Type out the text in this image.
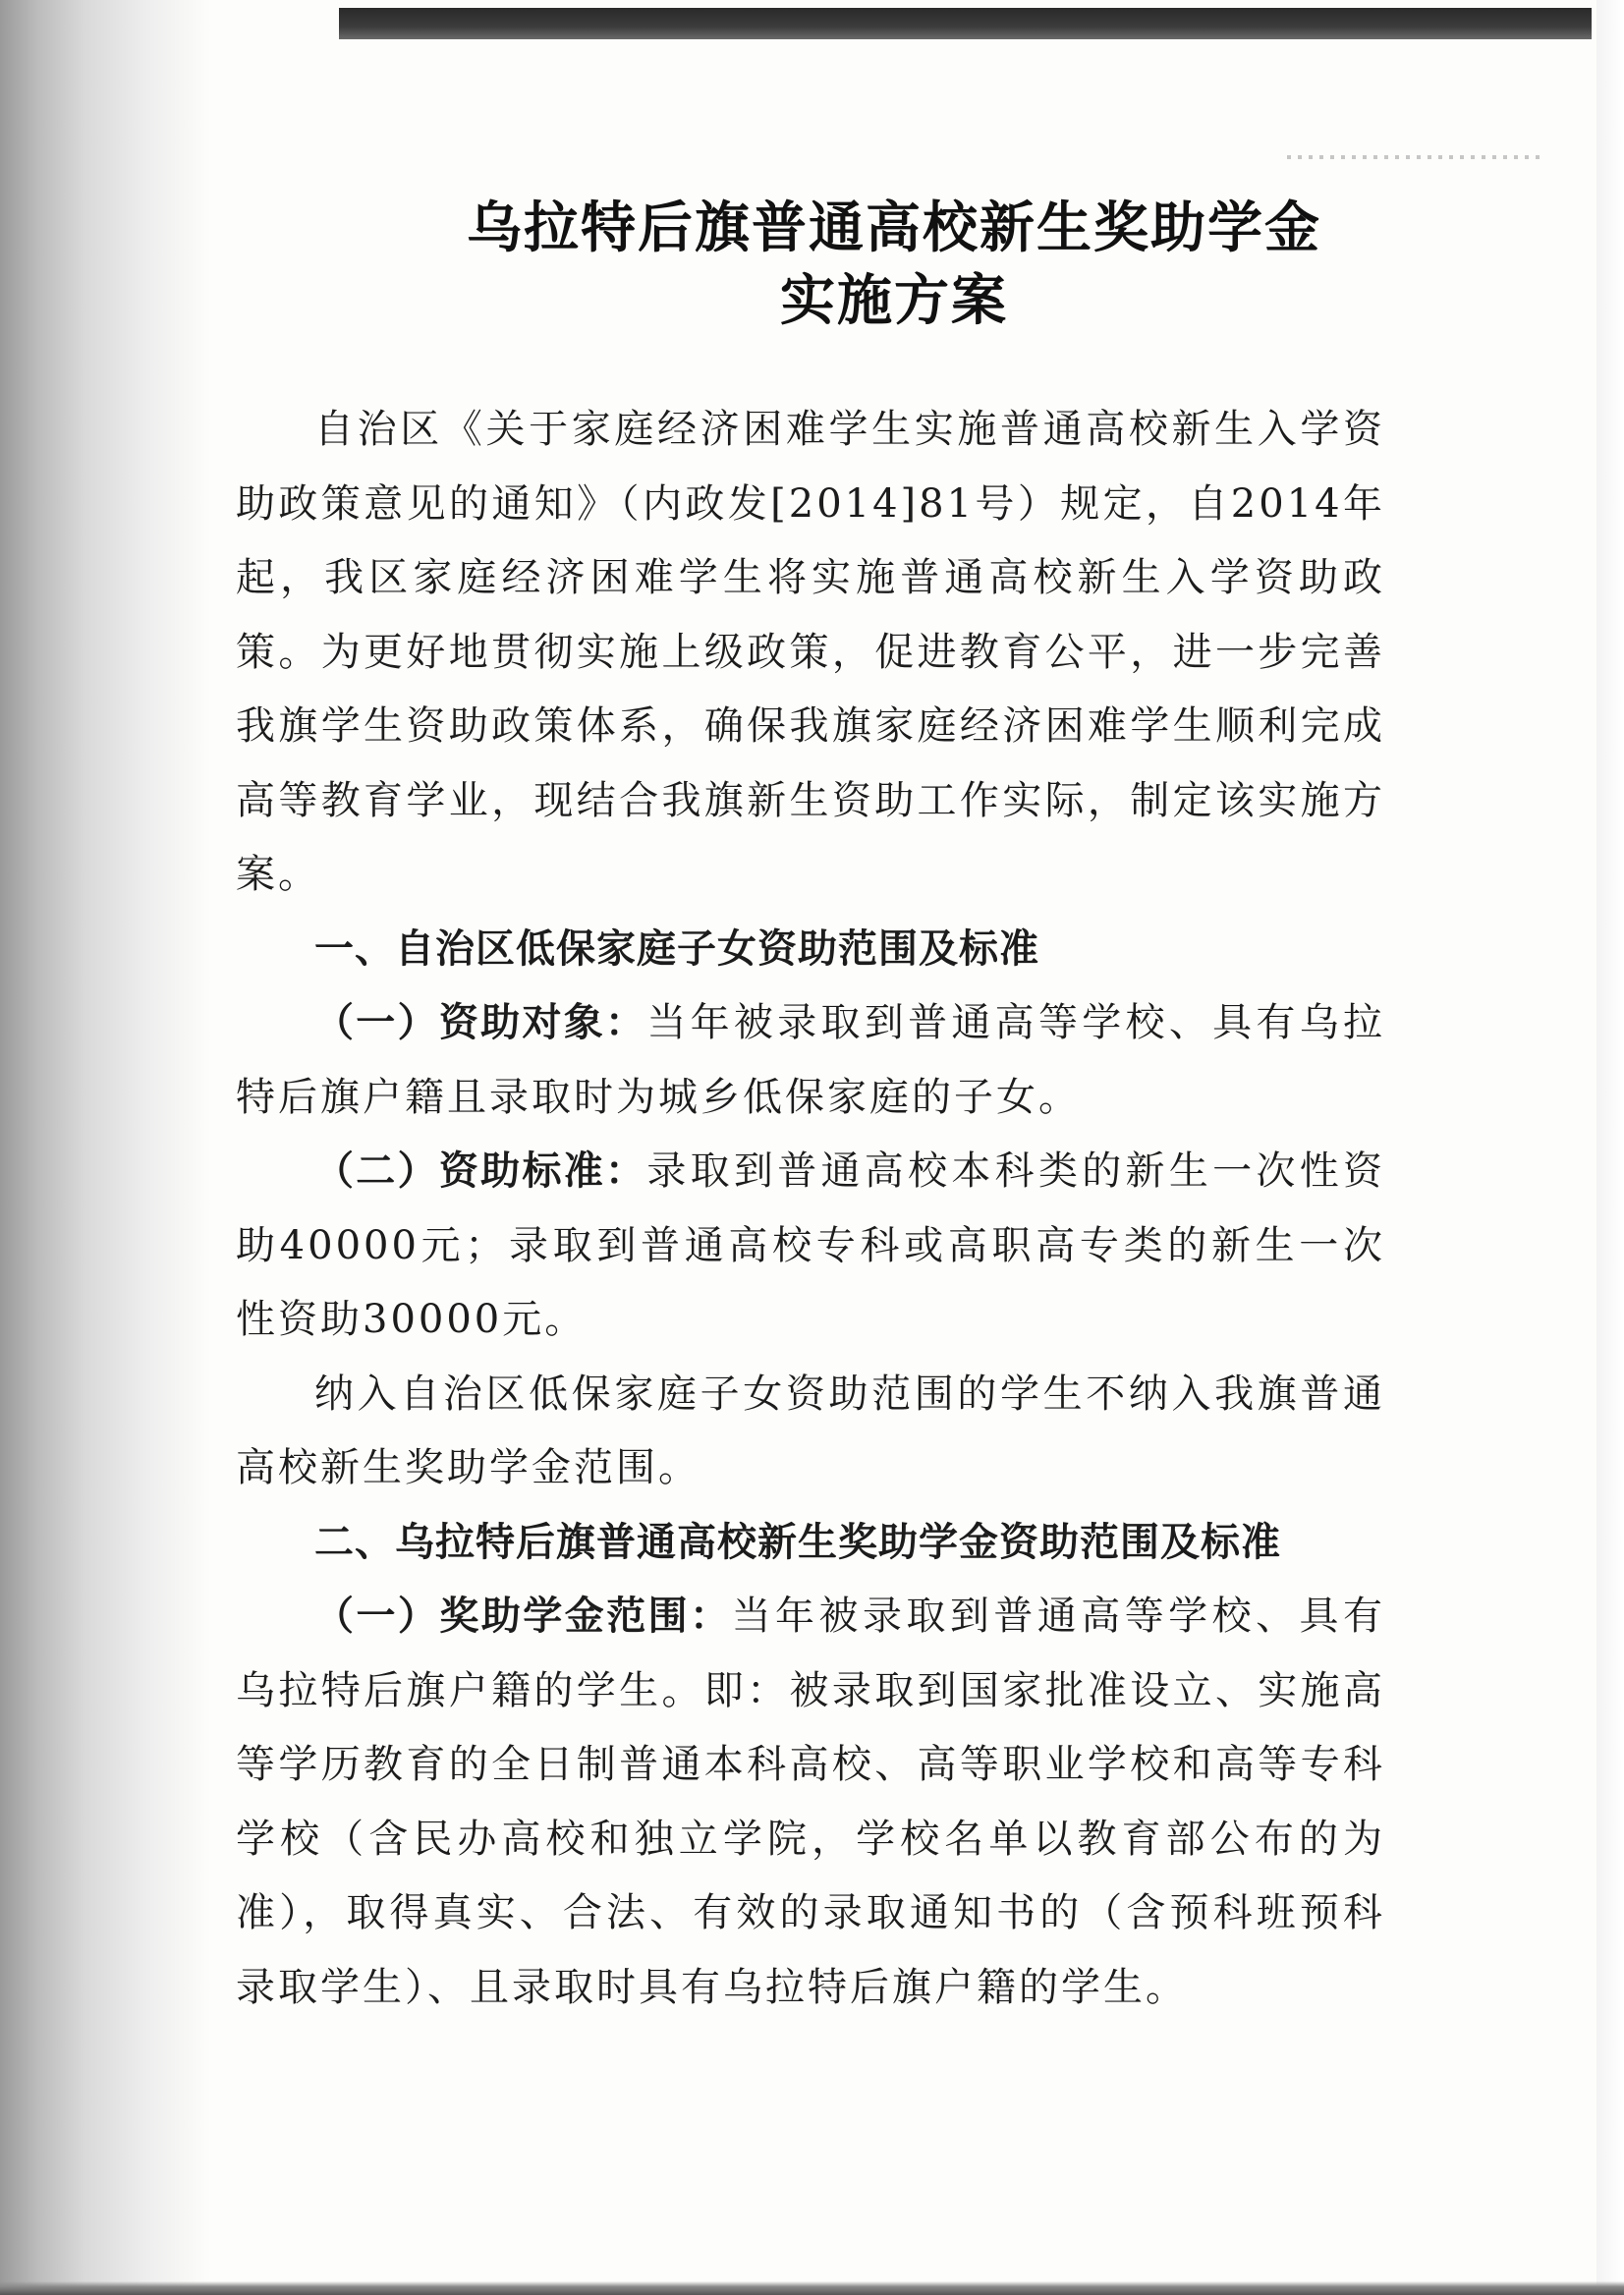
乌拉特后旗普通高校新生奖助学金
实施方案

自治区《关于家庭经济困难学生实施普通高校新生入学资助政策意见的通知》（内政发[2014]81号）规定，自2014年起，我区家庭经济困难学生将实施普通高校新生入学资助政策。为更好地贯彻实施上级政策，促进教育公平，进一步完善我旗学生资助政策体系，确保我旗家庭经济困难学生顺利完成高等教育学业，现结合我旗新生资助工作实际，制定该实施方案。

一、自治区低保家庭子女资助范围及标准

（一）资助对象：当年被录取到普通高等学校、具有乌拉特后旗户籍且录取时为城乡低保家庭的子女。

（二）资助标准：录取到普通高校本科类的新生一次性资助40000元；录取到普通高校专科或高职高专类的新生一次性资助30000元。

纳入自治区低保家庭子女资助范围的学生不纳入我旗普通高校新生奖助学金范围。

二、乌拉特后旗普通高校新生奖助学金资助范围及标准

（一）奖助学金范围：当年被录取到普通高等学校、具有乌拉特后旗户籍的学生。即：被录取到国家批准设立、实施高等学历教育的全日制普通本科高校、高等职业学校和高等专科学校（含民办高校和独立学院，学校名单以教育部公布的为准），取得真实、合法、有效的录取通知书的（含预科班预科录取学生）、且录取时具有乌拉特后旗户籍的学生。
